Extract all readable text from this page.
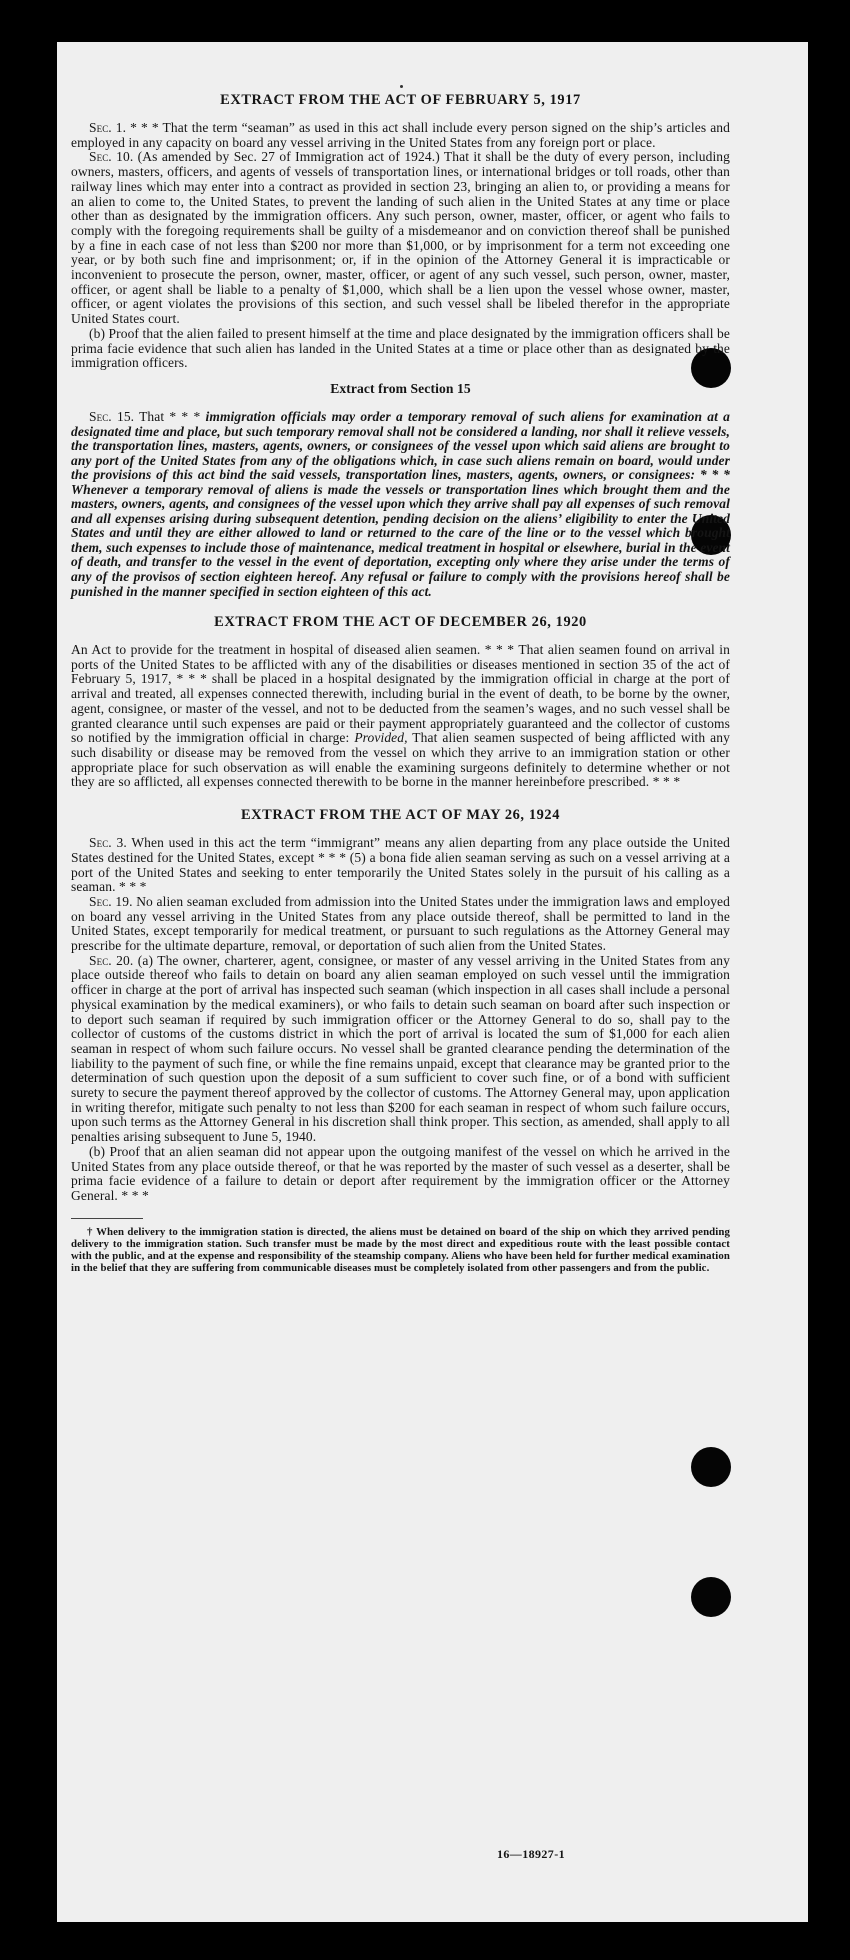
16—18927-1
EXTRACT FROM THE ACT OF FEBRUARY 5, 1917

Sec. 1. * * * That the term “seaman” as used in this act shall include every person signed on the ship’s articles and employed in any capacity on board any vessel arriving in the United States from any foreign port or place.

Sec. 10. (As amended by Sec. 27 of Immigration act of 1924.) That it shall be the duty of every person, including owners, masters, officers, and agents of vessels of transportation lines, or international bridges or toll roads, other than railway lines which may enter into a contract as provided in section 23, bringing an alien to, or providing a means for an alien to come to, the United States, to prevent the landing of such alien in the United States at any time or place other than as designated by the immigration officers. Any such person, owner, master, officer, or agent who fails to comply with the foregoing requirements shall be guilty of a misdemeanor and on conviction thereof shall be punished by a fine in each case of not less than $200 nor more than $1,000, or by imprisonment for a term not exceeding one year, or by both such fine and imprisonment; or, if in the opinion of the Attorney General it is impracticable or inconvenient to prosecute the person, owner, master, officer, or agent of any such vessel, such person, owner, master, officer, or agent shall be liable to a penalty of $1,000, which shall be a lien upon the vessel whose owner, master, officer, or agent violates the provisions of this section, and such vessel shall be libeled therefor in the appropriate United States court.

(b) Proof that the alien failed to present himself at the time and place designated by the immigration officers shall be prima facie evidence that such alien has landed in the United States at a time or place other than as designated by the immigration officers.

Extract from Section 15

Sec. 15. That * * * immigration officials may order a temporary removal of such aliens for examination at a designated time and place, but such temporary removal shall not be considered a landing, nor shall it relieve vessels, the transportation lines, masters, agents, owners, or consignees of the vessel upon which said aliens are brought to any port of the United States from any of the obligations which, in case such aliens remain on board, would under the provisions of this act bind the said vessels, transportation lines, masters, agents, owners, or consignees: * * * Whenever a temporary removal of aliens is made the vessels or transportation lines which brought them and the masters, owners, agents, and consignees of the vessel upon which they arrive shall pay all expenses of such removal and all expenses arising during subsequent detention, pending decision on the aliens’ eligibility to enter the United States and until they are either allowed to land or returned to the care of the line or to the vessel which brought them, such expenses to include those of maintenance, medical treatment in hospital or elsewhere, burial in the event of death, and transfer to the vessel in the event of deportation, excepting only where they arise under the terms of any of the provisos of section eighteen hereof. Any refusal or failure to comply with the provisions hereof shall be punished in the manner specified in section eighteen of this act.

EXTRACT FROM THE ACT OF DECEMBER 26, 1920

An Act to provide for the treatment in hospital of diseased alien seamen. * * * That alien seamen found on arrival in ports of the United States to be afflicted with any of the disabilities or diseases mentioned in section 35 of the act of February 5, 1917, * * * shall be placed in a hospital designated by the immigration official in charge at the port of arrival and treated, all expenses connected therewith, including burial in the event of death, to be borne by the owner, agent, consignee, or master of the vessel, and not to be deducted from the seamen’s wages, and no such vessel shall be granted clearance until such expenses are paid or their payment appropriately guaranteed and the collector of customs so notified by the immigration official in charge: Provided, That alien seamen suspected of being afflicted with any such disability or disease may be removed from the vessel on which they arrive to an immigration station or other appropriate place for such observation as will enable the examining surgeons definitely to determine whether or not they are so afflicted, all expenses connected therewith to be borne in the manner hereinbefore prescribed. * * *

EXTRACT FROM THE ACT OF MAY 26, 1924

Sec. 3. When used in this act the term “immigrant” means any alien departing from any place outside the United States destined for the United States, except * * * (5) a bona fide alien seaman serving as such on a vessel arriving at a port of the United States and seeking to enter temporarily the United States solely in the pursuit of his calling as a seaman. * * *

Sec. 19. No alien seaman excluded from admission into the United States under the immigration laws and employed on board any vessel arriving in the United States from any place outside thereof, shall be permitted to land in the United States, except temporarily for medical treatment, or pursuant to such regulations as the Attorney General may prescribe for the ultimate departure, removal, or deportation of such alien from the United States.

Sec. 20. (a) The owner, charterer, agent, consignee, or master of any vessel arriving in the United States from any place outside thereof who fails to detain on board any alien seaman employed on such vessel until the immigration officer in charge at the port of arrival has inspected such seaman (which inspection in all cases shall include a personal physical examination by the medical examiners), or who fails to detain such seaman on board after such inspection or to deport such seaman if required by such immigration officer or the Attorney General to do so, shall pay to the collector of customs of the customs district in which the port of arrival is located the sum of $1,000 for each alien seaman in respect of whom such failure occurs. No vessel shall be granted clearance pending the determination of the liability to the payment of such fine, or while the fine remains unpaid, except that clearance may be granted prior to the determination of such question upon the deposit of a sum sufficient to cover such fine, or of a bond with sufficient surety to secure the payment thereof approved by the collector of customs. The Attorney General may, upon application in writing therefor, mitigate such penalty to not less than $200 for each seaman in respect of whom such failure occurs, upon such terms as the Attorney General in his discretion shall think proper. This section, as amended, shall apply to all penalties arising subsequent to June 5, 1940.

(b) Proof that an alien seaman did not appear upon the outgoing manifest of the vessel on which he arrived in the United States from any place outside thereof, or that he was reported by the master of such vessel as a deserter, shall be prima facie evidence of a failure to detain or deport after requirement by the immigration officer or the Attorney General. * * *

† When delivery to the immigration station is directed, the aliens must be detained on board of the ship on which they arrived pending delivery to the immigration station. Such transfer must be made by the most direct and expeditious route with the least possible contact with the public, and at the expense and responsibility of the steamship company. Aliens who have been held for further medical examination in the belief that they are suffering from communicable diseases must be completely isolated from other passengers and from the public.
